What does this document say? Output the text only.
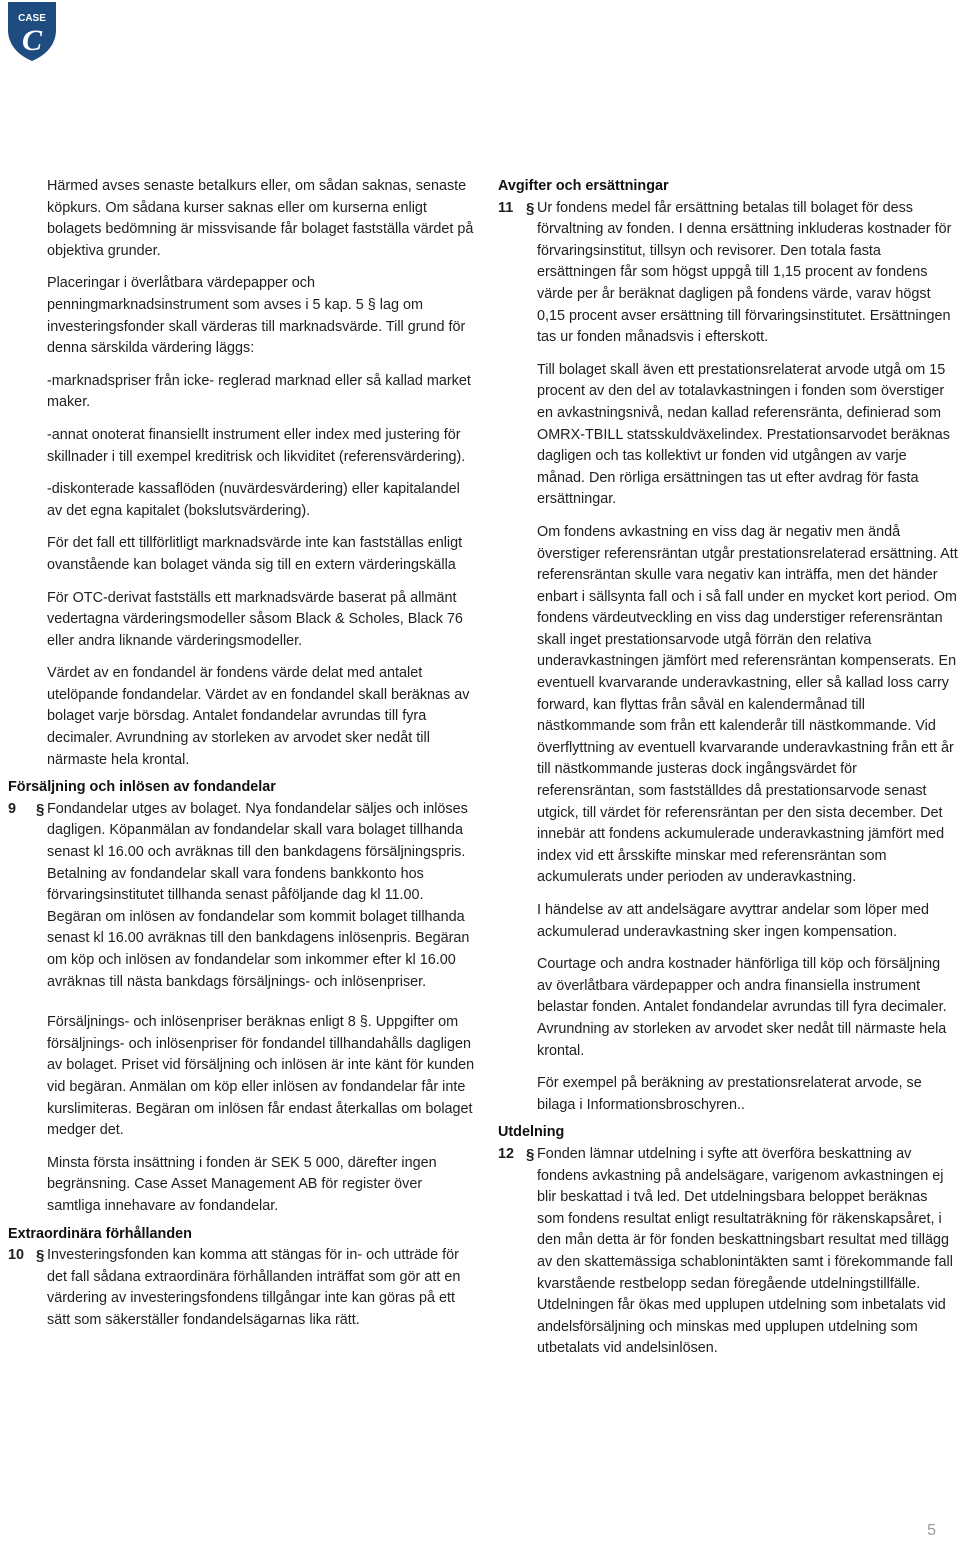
CASE
C

Härmed avses senaste betalkurs eller, om sådan saknas, senaste köpkurs. Om sådana kurser saknas eller om kurserna enligt bolagets bedömning är missvisande får bolaget fastställa värdet på objektiva grunder.

Placeringar i överlåtbara värdepapper och penningmarknadsinstrument som avses i 5 kap. 5 § lag om investeringsfonder skall värderas till marknadsvärde. Till grund för denna särskilda värdering läggs:

-marknadspriser från icke- reglerad marknad eller så kallad market maker.

-annat onoterat finansiellt instrument eller index med justering för skillnader i till exempel kreditrisk och likviditet (referensvärdering).

-diskonterade kassaflöden (nuvärdesvärdering) eller kapitalandel av det egna kapitalet (bokslutsvärdering).

För det fall ett tillförlitligt marknadsvärde inte kan fastställas enligt ovanstående kan bolaget vända sig till en extern värderingskälla

För OTC-derivat fastställs ett marknadsvärde baserat på allmänt vedertagna värderingsmodeller såsom Black & Scholes, Black 76 eller andra liknande värderingsmodeller.

Värdet av en fondandel är fondens värde delat med antalet utelöpande fondandelar. Värdet av en fondandel skall beräknas av bolaget varje börsdag. Antalet fondandelar avrundas till fyra decimaler. Avrundning av storleken av arvodet sker nedåt till närmaste hela krontal.

Försäljning och inlösen av fondandelar
9	§ Fondandelar utges av bolaget. Nya fondandelar säljes och inlöses dagligen. Köpanmälan av fondandelar skall vara bolaget tillhanda senast kl 16.00 och avräknas till den bankdagens försäljningspris. Betalning av fondandelar skall vara fondens bankkonto hos förvaringsinstitutet tillhanda senast påföljande dag kl 11.00. Begäran om inlösen av fondandelar som kommit bolaget tillhanda senast kl 16.00 avräknas till den bankdagens inlösenpris. Begäran om köp och inlösen av fondandelar som inkommer efter kl 16.00 avräknas till nästa bankdags försäljnings- och inlösenpriser.

Försäljnings- och inlösenpriser beräknas enligt 8 §. Uppgifter om försäljnings- och inlösenpriser för fondandel tillhandahålls dagligen av bolaget. Priset vid försäljning och inlösen är inte känt för kunden vid begäran. Anmälan om köp eller inlösen av fondandelar får inte kurslimiteras. Begäran om inlösen får endast återkallas om bolaget medger det.

Minsta första insättning i fonden är SEK 5 000, därefter ingen begränsning. Case Asset Management AB för register över samtliga innehavare av fondandelar.

Extraordinära förhållanden
10 § Investeringsfonden kan komma att stängas för in- och utträde för det fall sådana extraordinära förhållanden inträffat som gör att en värdering av investeringsfondens tillgångar inte kan göras på ett sätt som säkerställer fondandelsägarnas lika rätt.

Avgifter och ersättningar
11 § Ur fondens medel får ersättning betalas till bolaget för dess förvaltning av fonden. I denna ersättning inkluderas kostnader för förvaringsinstitut, tillsyn och revisorer. Den totala fasta ersättningen får som högst uppgå till 1,15 procent av fondens värde per år beräknat dagligen på fondens värde, varav högst 0,15 procent avser ersättning till förvaringsinstitutet. Ersättningen tas ur fonden månadsvis i efterskott.

Till bolaget skall även ett prestationsrelaterat arvode utgå om 15 procent av den del av totalavkastningen i fonden som överstiger en avkastningsnivå, nedan kallad referensränta, definierad som OMRX-TBILL statsskuldväxelindex. Prestationsarvodet beräknas dagligen och tas kollektivt ur fonden vid utgången av varje månad. Den rörliga ersättningen tas ut efter avdrag för fasta ersättningar.

Om fondens avkastning en viss dag är negativ men ändå överstiger referensräntan utgår prestationsrelaterad ersättning. Att referensräntan skulle vara negativ kan inträffa, men det händer enbart i sällsynta fall och i så fall under en mycket kort period. Om fondens värdeutveckling en viss dag understiger referensräntan skall inget prestationsarvode utgå förrän den relativa underavkastningen jämfört med referensräntan kompenserats. En eventuell kvarvarande underavkastning, eller så kallad loss carry forward, kan flyttas från såväl en kalendermånad till nästkommande som från ett kalenderår till nästkommande. Vid överflyttning av eventuell kvarvarande underavkastning från ett år till nästkommande justeras dock ingångsvärdet för referensräntan, som fastställdes då prestationsarvode senast utgick, till värdet för referensräntan per den sista december. Det innebär att fondens ackumulerade underavkastning jämfört med index vid ett årsskifte minskar med referensräntan som ackumulerats under perioden av underavkastning.

I händelse av att andelsägare avyttrar andelar som löper med ackumulerad underavkastning sker ingen kompensation.

Courtage och andra kostnader hänförliga till köp och försäljning av överlåtbara värdepapper och andra finansiella instrument belastar fonden. Antalet fondandelar avrundas till fyra decimaler. Avrundning av storleken av arvodet sker nedåt till närmaste hela krontal.

För exempel på beräkning av prestationsrelaterat arvode, se bilaga i Informationsbroschyren..

Utdelning
12 § Fonden lämnar utdelning i syfte att överföra beskattning av fondens avkastning på andelsägare, varigenom avkastningen ej blir beskattad i två led. Det utdelningsbara beloppet beräknas som fondens resultat enligt resultaträkning för räkenskapsåret, i den mån detta är för fonden beskattningsbart resultat med tillägg av den skattemässiga schablonintäkten samt i förekommande fall kvarstående restbelopp sedan föregående utdelningstillfälle. Utdelningen får ökas med upplupen utdelning som inbetalats vid andelsförsäljning och minskas med upplupen utdelning som utbetalats vid andelsinlösen.

5
